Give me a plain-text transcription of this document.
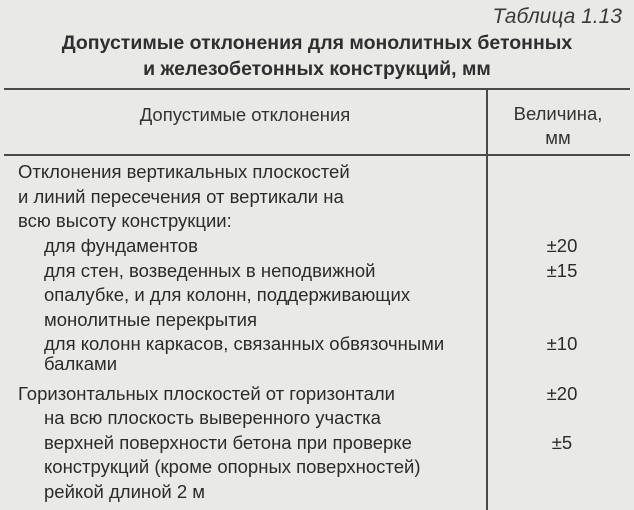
Таблица 1.13
Допустимые отклонения для монолитных бетонных
и железобетонных конструкций, мм
Допустимые отклонения	Величина,
мм
Отклонения вертикальных плоскостей
и линий пересечения от вертикали на
всю высоту конструкции:
для фундаментов	±20
для стен, возведенных в неподвижной
опалубке, и для колонн, поддерживающих
монолитные перекрытия
±15
для колонн каркасов, связанных обвязочными
балками
±10
Горизонтальных плоскостей от горизонтали
на всю плоскость выверенного участка
±20
верхней поверхности бетона при проверке
конструкций (кроме опорных поверхностей)
рейкой длиной 2 м
±5
